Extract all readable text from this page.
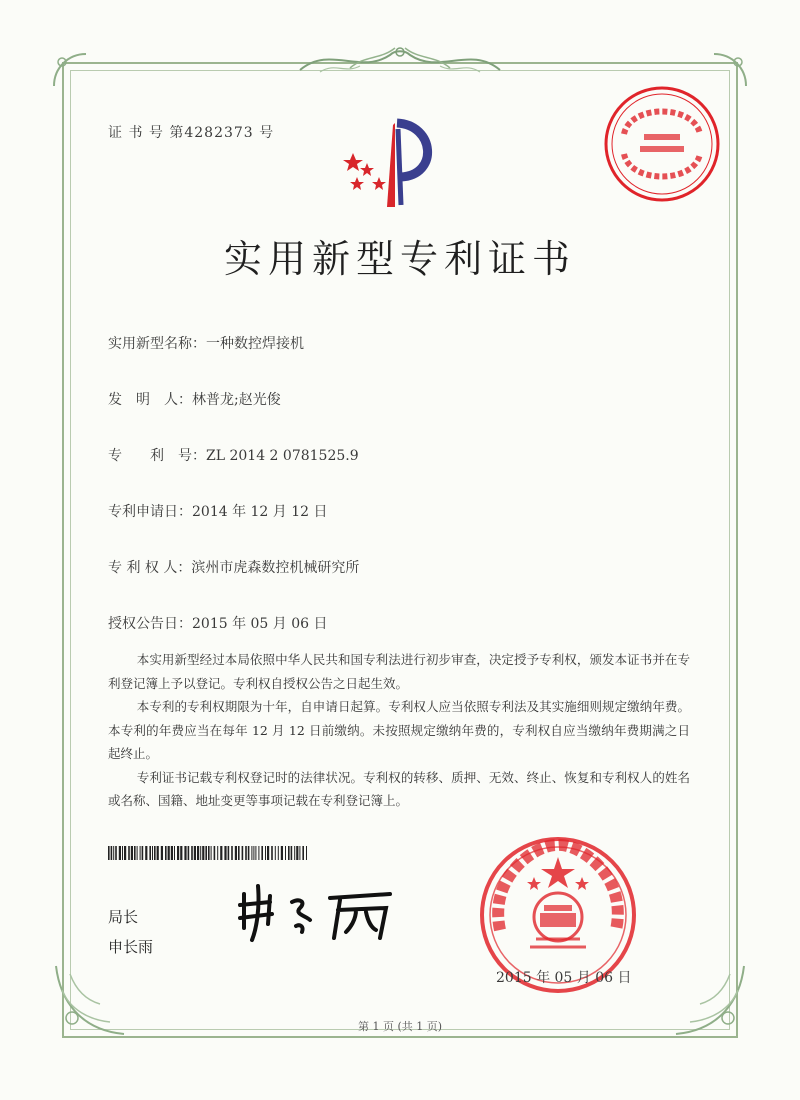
证 书 号 第4282373 号
实用新型专利证书
实用新型名称：一种数控焊接机
发　明　人：林普龙;赵光俊
专　　利　号：ZL 2014 2 0781525.9
专利申请日：2014 年 12 月 12 日
专 利 权 人：滨州市虎森数控机械研究所
授权公告日：2015 年 05 月 06 日

本实用新型经过本局依照中华人民共和国专利法进行初步审查，决定授予专利权，颁发本证书并在专利登记簿上予以登记。专利权自授权公告之日起生效。

本专利的专利权期限为十年，自申请日起算。专利权人应当依照专利法及其实施细则规定缴纳年费。本专利的年费应当在每年 12 月 12 日前缴纳。未按照规定缴纳年费的，专利权自应当缴纳年费期满之日起终止。

专利证书记载专利权登记时的法律状况。专利权的转移、质押、无效、终止、恢复和专利权人的姓名或名称、国籍、地址变更等事项记载在专利登记簿上。

局长
申长雨
2015 年 05 月 06 日
第 1 页 (共 1 页)
